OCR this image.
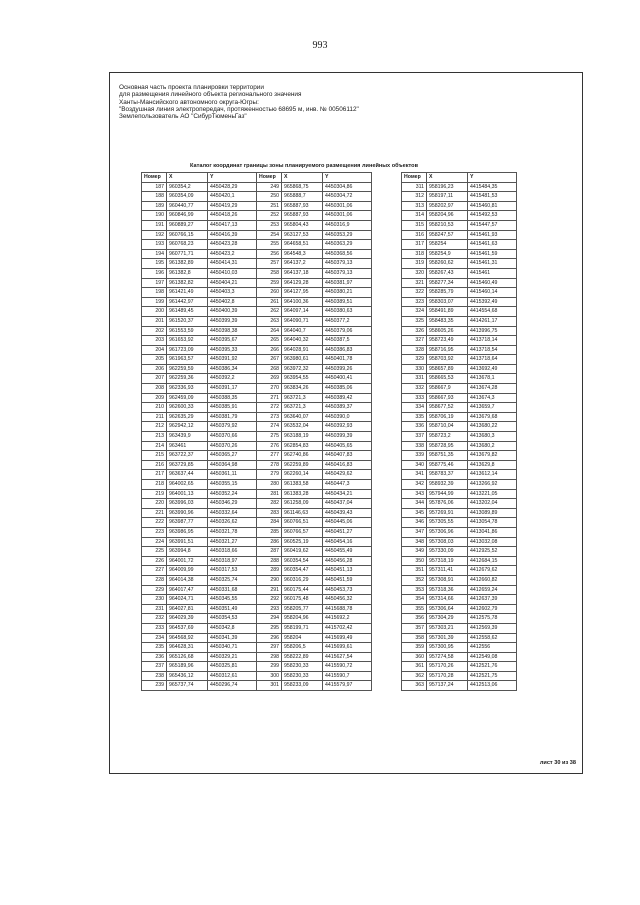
993
Основная часть проекта планировки территории
для размещения линейного объекта регионального значения
Ханты-Мансийского автономного округа-Югры:
"Воздушная линия электропередач, протяженностью 68695 м, инв. № 00506112"
Землепользователь АО "СибурТюменьГаз"
Каталог координат границы зоны планируемого размещения линейных объектов
Номер	X	Y
187	960354,2	4450428,29
188	960354,09	4450420,1
189	960440,77	4450419,29
190	960846,99	4450418,26
191	960889,27	4450417,13
192	960766,15	4450416,39
193	960768,23	4450423,28
194	960771,71	4450423,2
195	961382,89	4450414,31
196	961382,8	4450410,03
197	961382,82	4450404,21
198	961421,49	4450403,3
199	961442,97	4450402,8
200	961489,45	4450400,39
201	961520,37	4450399,39
202	961553,59	4450398,38
203	961653,92	4450395,67
204	961723,09	4450395,33
205	961963,57	4450391,92
206	962259,59	4450386,34
207	962259,36	4450392,2
208	962336,93	4450391,17
209	962459,09	4450388,35
210	962600,33	4450385,91
211	962635,29	4450381,79
212	962942,12	4450379,92
213	963439,9	4450370,66
214	963461	4450370,26
215	963722,37	4450365,27
216	963729,85	4450364,98
217	963637,44	4450361,11
218	964002,65	4450355,15
219	964001,13	4450352,24
220	963996,03	4450346,29
221	963990,96	4450332,64
222	963987,77	4450326,62
223	963986,95	4450321,78
224	963991,51	4450321,27
225	963994,8	4450318,66
226	964001,72	4450318,97
227	964009,99	4450317,53
228	964014,38	4450325,74
229	964017,47	4450331,68
230	964024,71	4450345,55
231	964027,81	4450351,49
232	964029,39	4450354,53
233	964537,69	4450342,8
234	964568,92	4450341,39
235	964628,31	4450340,71
236	965126,68	4450329,21
237	965189,96	4450325,81
238	965436,12	4450312,61
239	965737,74	4450296,74
Номер	X	Y
249	965868,75	4450304,86
250	965888,7	4450304,72
251	965887,93	4450301,06
252	965887,93	4450301,06
253	965804,43	4450316,9
254	963127,53	4450353,29
255	964658,51	4450363,29
256	964548,3	4450368,56
257	964137,2	4450379,13
258	964137,18	4450379,13
259	964129,28	4450381,97
260	964127,95	4450380,21
261	964100,36	4450389,51
262	964097,14	4450380,63
263	964090,71	4450377,2
264	964040,7	4450379,06
265	964040,32	4450387,5
266	964028,91	4450386,83
267	963980,61	4450401,78
268	963972,32	4450399,26
269	963954,55	4450400,41
270	963834,26	4450385,06
271	963721,3	4450389,42
272	963721,3	4450389,37
273	963640,07	4450390,0
274	963532,04	4450392,93
275	963188,19	4450399,39
276	962854,83	4450405,65
277	962740,86	4450407,83
278	962259,89	4450416,83
279	962260,14	4450429,62
280	961383,58	4450447,3
281	961383,28	4450434,21
282	961258,09	4450437,04
283	961146,63	4450439,43
284	960766,51	4450445,06
285	960766,57	4450451,27
286	960525,19	4450454,16
287	960419,62	4450455,49
288	960354,54	4450456,28
289	960354,47	4450451,13
290	960316,29	4450451,59
291	960175,44	4450453,73
292	960175,48	4450456,32
293	958205,77	4415688,78
294	958204,96	4415692,2
295	958199,71	4415702,42
296	958204	4415699,49
297	958206,5	4415699,61
298	958222,89	4415627,54
299	958230,33	4415590,72
300	958230,33	4415590,7
301	958233,09	4415579,97
Номер	X	Y
311	958196,23	4415484,35
312	958197,11	4415481,53
313	958202,97	4415460,81
314	958204,96	4415492,53
315	958210,53	4415447,57
316	958247,57	4415461,93
317	958254	4415461,63
318	958254,9	4415461,59
319	958260,62	4415461,31
320	958267,43	4415461
321	958277,34	4415460,49
322	958285,79	4415460,14
323	958303,07	4415392,49
324	958491,89	4414554,68
325	958483,35	4414261,17
326	958605,26	4413996,75
327	958723,49	4413718,14
328	958716,95	4413718,54
329	958703,92	4413718,64
330	958657,89	4413692,49
331	958665,53	4413678,1
332	958667,9	4413674,28
333	958667,93	4413674,3
334	958677,52	4413659,7
335	958706,19	4413679,68
336	958710,04	4413680,22
337	958723,2	4413680,3
338	958728,95	4413680,2
339	958751,35	4413679,82
340	958775,46	4413629,8
341	958783,37	4413612,14
342	958932,39	4413266,92
343	957944,99	4413221,05
344	957876,06	4413202,04
345	957269,91	4413089,89
346	957305,55	4413054,78
347	957306,96	4413041,86
348	957308,03	4413032,08
349	957330,09	4412925,52
350	957318,19	4412684,15
351	957311,41	4412679,62
352	957308,91	4412660,82
353	957318,36	4412659,24
354	957314,66	4412637,39
355	957306,64	4412602,79
356	957304,29	4412575,78
357	957303,21	4412569,39
358	957301,39	4412558,62
359	957300,95	4412556
360	957274,58	4412549,08
361	957170,26	4412521,76
362	957170,28	4412521,75
363	957137,24	4412513,06
лист 30 из 38
